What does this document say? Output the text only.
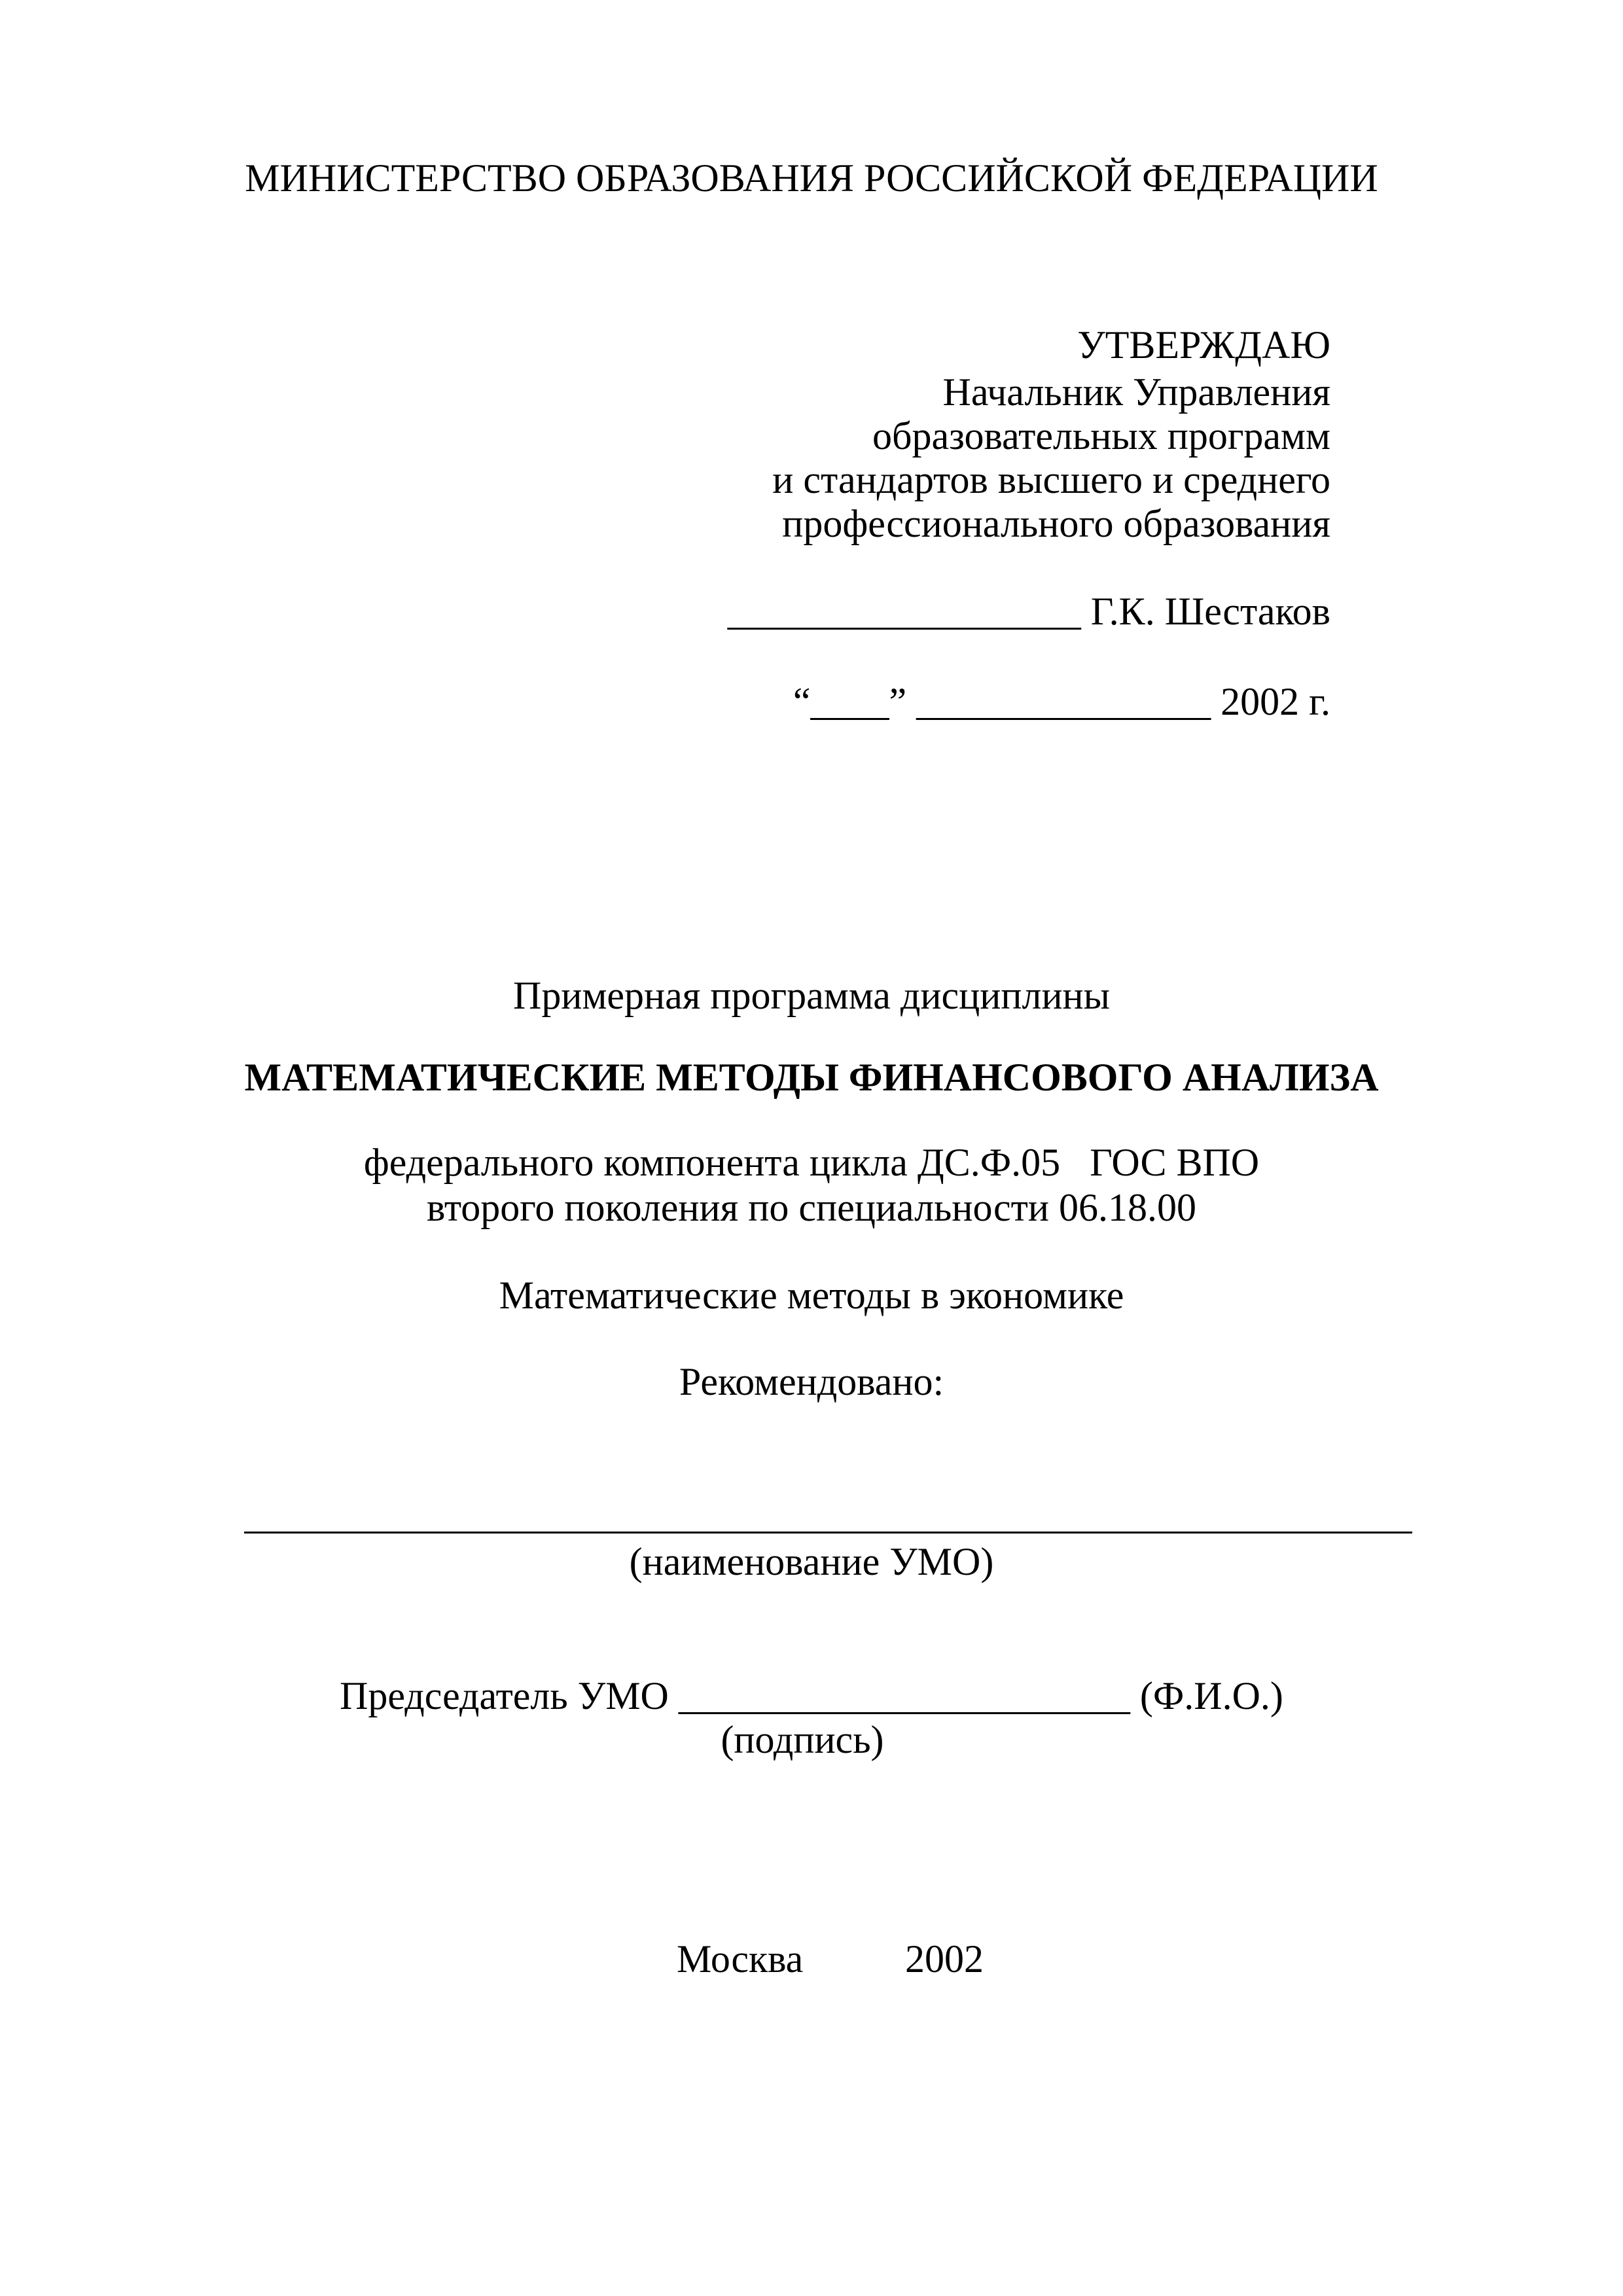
МИНИСТЕРСТВО ОБРАЗОВАНИЯ РОССИЙСКОЙ ФЕДЕРАЦИИ
УТВЕРЖДАЮ
Начальник Управления
образовательных программ
и стандартов высшего и среднего
профессионального образования
__________________ Г.К. Шестаков
“____” _______________ 2002 г.
Примерная программа дисциплины
МАТЕМАТИЧЕСКИЕ МЕТОДЫ ФИНАНСОВОГО АНАЛИЗА
федерального компонента цикла ДС.Ф.05   ГОС ВПО
второго поколения по специальности 06.18.00
Математические методы в экономике
Рекомендовано:
(наименование УМО)
Председатель УМО _______________________ (Ф.И.О.)
(подпись)
Москва	2002
